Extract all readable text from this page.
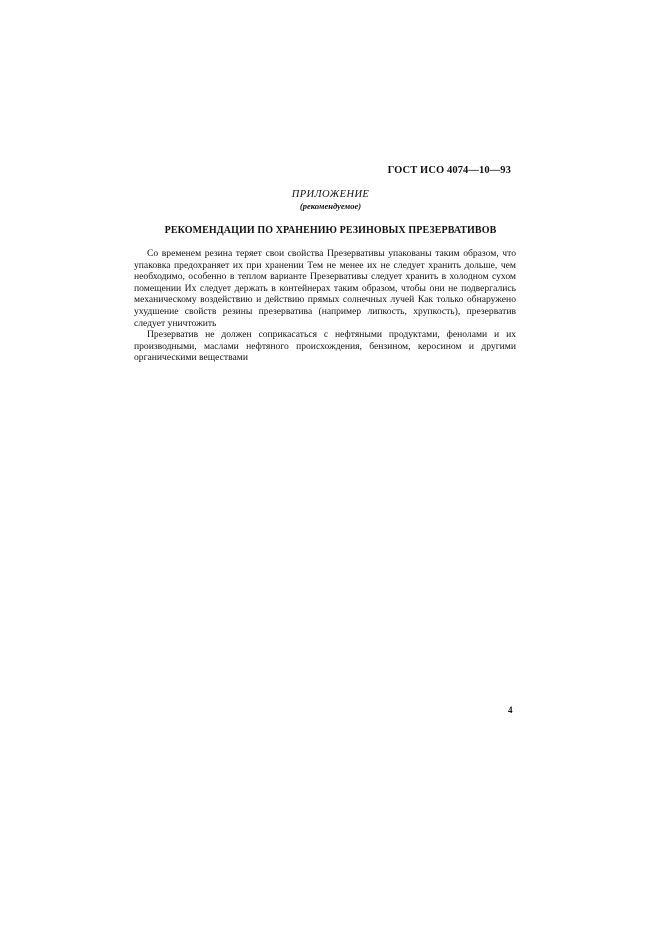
ГОСТ ИСО 4074—10—93
ПРИЛОЖЕНИЕ
(рекомендуемое)
РЕКОМЕНДАЦИИ ПО ХРАНЕНИЮ РЕЗИНОВЫХ ПРЕЗЕРВАТИВОВ

Со временем резина теряет свои свойства Презервативы упакованы таким образом, что упаковка предохраняет их при хранении Тем не менее их не следует хранить дольше, чем необходимо, особенно в теплом варианте Презервативы следует хранить в холодном сухом помещении Их следует держать в контейнерах таким образом, чтобы они не подвергались механическому воздействию и действию прямых солнечных лучей Как только обнаружено ухудшение свойств резины презерватива (например липкость, хрупкость), презерватив следует уничтожить

Презерватив не должен соприкасаться с нефтяными продуктами, фенолами и их производными, маслами нефтяного происхождения, бензином, керосином и другими органическими веществами

4
